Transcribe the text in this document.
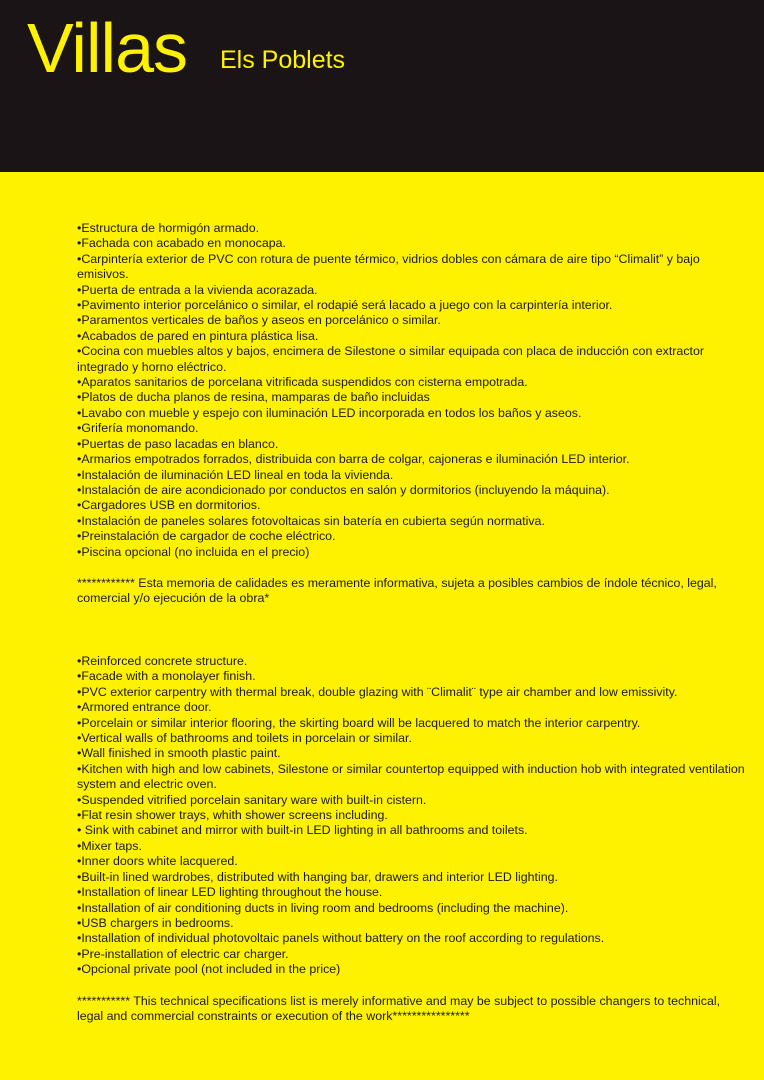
Villas Els Poblets

•Estructura de hormigón armado.

•Fachada con acabado en monocapa.

•Carpintería exterior de PVC con rotura de puente térmico, vidrios dobles con cámara de aire tipo “Climalit” y bajo emisivos.

•Puerta de entrada a la vivienda acorazada.

•Pavimento interior porcelánico o similar, el rodapié será lacado a juego con la carpintería interior.

•Paramentos verticales de baños y aseos en porcelánico o similar.

•Acabados de pared en pintura plástica lisa.

•Cocina con muebles altos y bajos, encimera de Silestone o similar equipada con placa de inducción con extractor integrado y horno eléctrico.

•Aparatos sanitarios de porcelana vitrificada suspendidos con cisterna empotrada.

•Platos de ducha planos de resina, mamparas de baño incluidas

•Lavabo con mueble y espejo con iluminación LED incorporada en todos los baños y aseos.

•Grifería monomando.

•Puertas de paso lacadas en blanco.

•Armarios empotrados forrados, distribuida con barra de colgar, cajoneras e iluminación LED interior.

•Instalación de iluminación LED lineal en toda la vivienda.

•Instalación de aire acondicionado por conductos en salón y dormitorios (incluyendo la máquina).

•Cargadores USB en dormitorios.

•Instalación de paneles solares fotovoltaicas sin batería en cubierta según normativa.

•Preinstalación de cargador de coche eléctrico.

•Piscina opcional (no incluida en el precio)

************ Esta memoria de calidades es meramente informativa, sujeta a posibles cambios de índole técnico, legal, comercial y/o ejecución de la obra*

•Reinforced concrete structure.

•Facade with a monolayer finish.

•PVC exterior carpentry with thermal break, double glazing with ¨Climalit¨ type air chamber and low emissivity.

•Armored entrance door.

•Porcelain or similar interior flooring, the skirting board will be lacquered to match the interior carpentry.

•Vertical walls of bathrooms and toilets in porcelain or similar.

•Wall finished in smooth plastic paint.

•Kitchen with high and low cabinets, Silestone or similar countertop equipped with induction hob with integrated ventilation system and electric oven.

•Suspended vitrified porcelain sanitary ware with built-in cistern.

•Flat resin shower trays, whith shower screens including.

• Sink with cabinet and mirror with built-in LED lighting in all bathrooms and toilets.

•Mixer taps.

•Inner doors white lacquered.

•Built-in lined wardrobes, distributed with hanging bar, drawers and interior LED lighting.

•Installation of linear LED lighting throughout the house.

•Installation of air conditioning ducts in living room and bedrooms (including the machine).

•USB chargers in bedrooms.

•Installation of individual photovoltaic panels without battery on the roof according to regulations.

•Pre-installation of electric car charger.

•Opcional private pool (not included in the price)

*********** This technical specifications list is merely informative and may be subject to possible changers to technical, legal and commercial constraints or execution of the work****************
